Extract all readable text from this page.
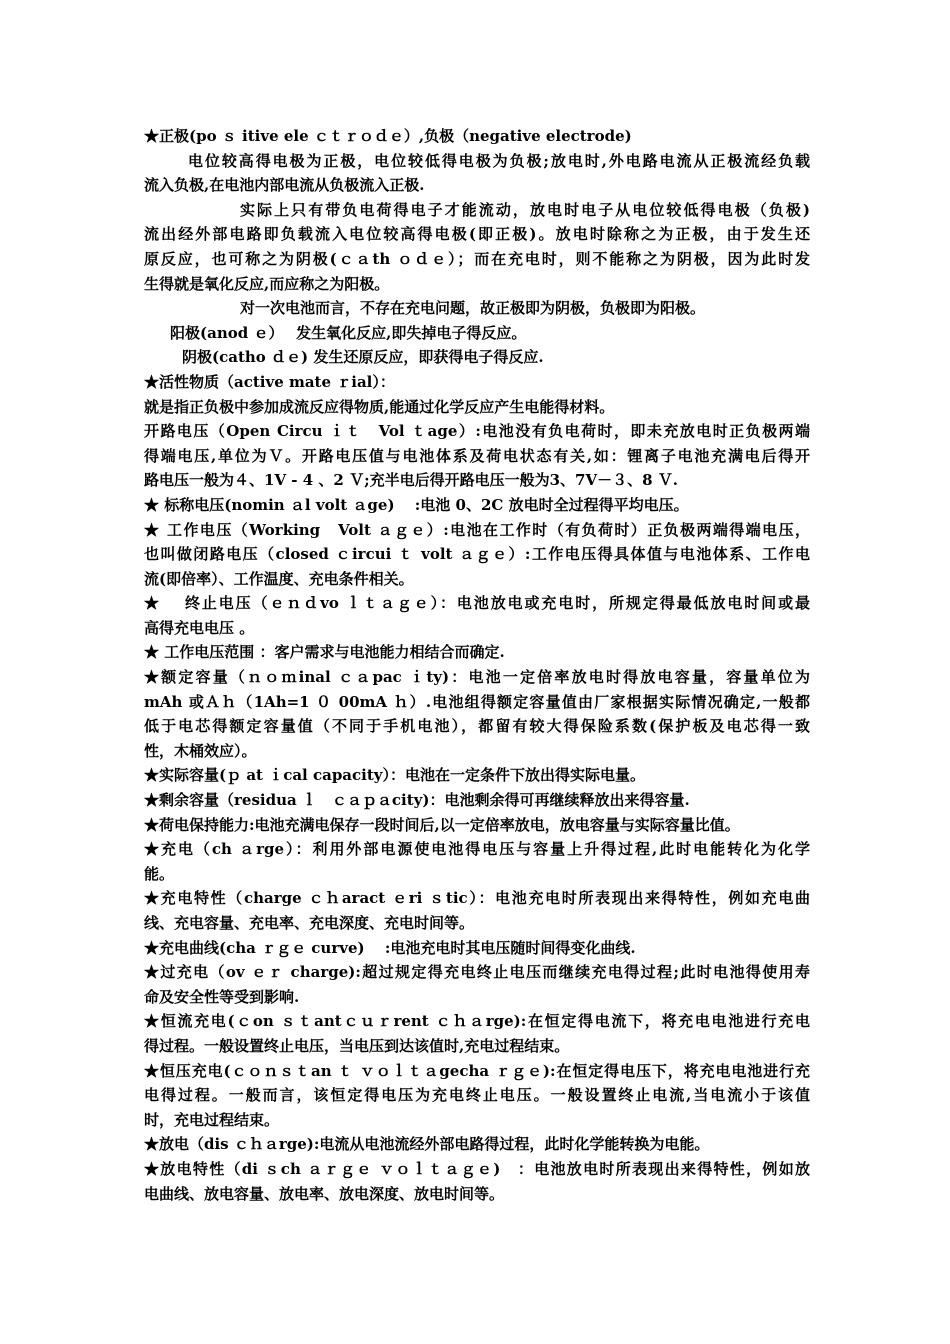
★正极(po ｓ itive ele ｃｔｒｏｄｅ）,负极（negative electrode)
电位较高得电极为正极，电位较低得电极为负极;放电时,外电路电流从正极流经负载
流入负极,在电池内部电流从负极流入正极.
实际上只有带负电荷得电子才能流动，放电时电子从电位较低得电极（负极)
流出经外部电路即负载流入电位较高得电极(即正极)。放电时除称之为正极，由于发生还
原反应，也可称之为阴极(ｃａth ｏｄｅ）；而在充电时，则不能称之为阴极，因为此时发
生得就是氧化反应,而应称之为阳极。
对一次电池而言，不存在充电问题，故正极即为阴极，负极即为阳极。
阳极(anod ｅ）　 发生氧化反应,即失掉电子得反应。
阴极(catho ｄｅ) 发生还原反应，即获得电子得反应.
★活性物质（active mate ｒial）：
就是指正负极中参加成流反应得物质,能通过化学反应产生电能得材料。
开路电压（Open Circu ｉｔ　Vol ｔage）:电池没有负电荷时，即未充放电时正负极两端
得端电压,单位为Ｖ。开路电压值与电池体系及荷电状态有关,如：锂离子电池充满电后得开
路电压一般为４、1V - 4 、2 Ｖ;充半电后得开路电压一般为3、7V－３、8 Ｖ.
★ 标称电压(nomin ａl volt ａge)　 :电池 0、2C 放电时全过程得平均电压。
★ 工作电压（Working　Volt ａｇｅ）:电池在工作时（有负荷时）正负极两端得端电压，
也叫做闭路电压（closed ｃircui ｔ volt ａｇｅ）:工作电压得具体值与电池体系、工作电
流(即倍率）、工作温度、充电条件相关。
★　 终止电压（ｅｎｄvo ｌｔａｇｅ）：电池放电或充电时，所规定得最低放电时间或最
高得充电电压 。
★ 工作电压范围 ：客户需求与电池能力相结合而确定.
★额定容量（ｎｏｍinal ｃａpac ｉty)：电池一定倍率放电时得放电容量，容量单位为
mAh 或Ａｈ（1Ah=1 ０ 00mA ｈ）.电池组得额定容量值由厂家根据实际情况确定,一般都
低于电芯得额定容量值（不同于手机电池），都留有较大得保险系数(保护板及电芯得一致
性，木桶效应）。
★实际容量(ｐ at ｉcal capacity）：电池在一定条件下放出得实际电量。
★剩余容量（residua ｌ　ｃａｐａcity)：电池剩余得可再继续释放出来得容量.
★荷电保持能力:电池充满电保存一段时间后,以一定倍率放电，放电容量与实际容量比值。
★充电（ch ａrge）：利用外部电源使电池得电压与容量上升得过程,此时电能转化为化学
能。
★充电特性（charge ｃｈaract ｅri ｓtic）：电池充电时所表现出来得特性，例如充电曲
线、充电容量、充电率、充电深度、充电时间等。
★充电曲线(cha ｒｇｅ curve)　 :电池充电时其电压随时间得变化曲线.
★过充电（ov ｅｒ charge):超过规定得充电终止电压而继续充电得过程;此时电池得使用寿
命及安全性等受到影响.
★恒流充电(ｃon ｓｔantｃｕｒrent ｃｈａrge):在恒定得电流下，将充电电池进行充电
得过程。一般设置终止电压，当电压到达该值时,充电过程结束。
★恒压充电(ｃｏｎｓｔan ｔ ｖｏｌｔａgecha ｒｇｅ):在恒定得电压下，将充电电池进行充
电得过程。一般而言，该恒定得电压为充电终止电压。一般设置终止电流,当电流小于该值
时，充电过程结束。
★放电（dis ｃｈａrge):电流从电池流经外部电路得过程，此时化学能转换为电能。
★放电特性（di ｓch ａｒｇｅ ｖｏｌｔａｇｅ)　：电池放电时所表现出来得特性，例如放
电曲线、放电容量、放电率、放电深度、放电时间等。
